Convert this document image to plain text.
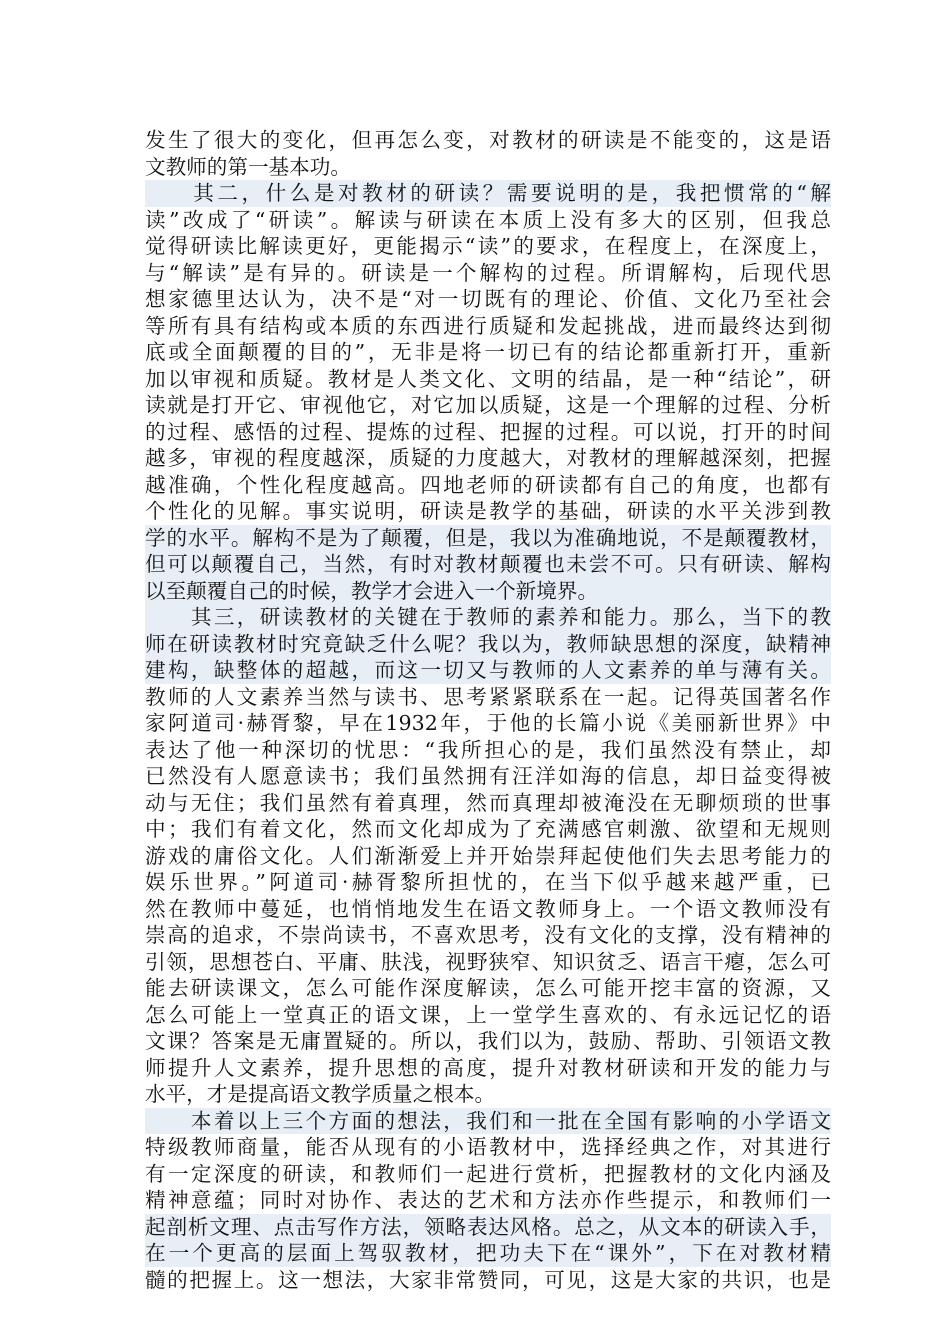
发生了很大的变化，但再怎么变，对教材的研读是不能变的，这是语
文教师的第一基本功。
　　其二，什么是对教材的研读？需要说明的是，我把惯常的“解
读”改成了“研读”。解读与研读在本质上没有多大的区别，但我总
觉得研读比解读更好，更能揭示“读”的要求，在程度上，在深度上，
与“解读”是有异的。研读是一个解构的过程。所谓解构，后现代思
想家德里达认为，决不是“对一切既有的理论、价值、文化乃至社会
等所有具有结构或本质的东西进行质疑和发起挑战，进而最终达到彻
底或全面颠覆的目的”，无非是将一切已有的结论都重新打开，重新
加以审视和质疑。教材是人类文化、文明的结晶，是一种“结论”，研
读就是打开它、审视他它，对它加以质疑，这是一个理解的过程、分析
的过程、感悟的过程、提炼的过程、把握的过程。可以说，打开的时间
越多，审视的程度越深，质疑的力度越大，对教材的理解越深刻，把握
越准确，个性化程度越高。四地老师的研读都有自己的角度，也都有
个性化的见解。事实说明，研读是教学的基础，研读的水平关涉到教
学的水平。解构不是为了颠覆，但是，我以为准确地说，不是颠覆教材，
但可以颠覆自己，当然，有时对教材颠覆也未尝不可。只有研读、解构
以至颠覆自己的时候，教学才会进入一个新境界。
　　其三，研读教材的关键在于教师的素养和能力。那么，当下的教
师在研读教材时究竟缺乏什么呢？我以为，教师缺思想的深度，缺精神
建构，缺整体的超越，而这一切又与教师的人文素养的单与薄有关。
教师的人文素养当然与读书、思考紧紧联系在一起。记得英国著名作
家阿道司·赫胥黎，早在1932年，于他的长篇小说《美丽新世界》中
表达了他一种深切的忧思：“我所担心的是，我们虽然没有禁止，却
已然没有人愿意读书；我们虽然拥有汪洋如海的信息，却日益变得被
动与无住；我们虽然有着真理，然而真理却被淹没在无聊烦琐的世事
中；我们有着文化，然而文化却成为了充满感官刺激、欲望和无规则
游戏的庸俗文化。人们渐渐爱上并开始崇拜起使他们失去思考能力的
娱乐世界。”阿道司·赫胥黎所担忧的，在当下似乎越来越严重，已
然在教师中蔓延，也悄悄地发生在语文教师身上。一个语文教师没有
崇高的追求，不崇尚读书，不喜欢思考，没有文化的支撑，没有精神的
引领，思想苍白、平庸、肤浅，视野狭窄、知识贫乏、语言干瘪，怎么可
能去研读课文，怎么可能作深度解读，怎么可能开挖丰富的资源，又
怎么可能上一堂真正的语文课，上一堂学生喜欢的、有永远记忆的语
文课？答案是无庸置疑的。所以，我们以为，鼓励、帮助、引领语文教
师提升人文素养，提升思想的高度，提升对教材研读和开发的能力与
水平，才是提高语文教学质量之根本。
　　本着以上三个方面的想法，我们和一批在全国有影响的小学语文
特级教师商量，能否从现有的小语教材中，选择经典之作，对其进行
有一定深度的研读，和教师们一起进行赏析，把握教材的文化内涵及
精神意蕴；同时对协作、表达的艺术和方法亦作些提示，和教师们一
起剖析文理、点击写作方法，领略表达风格。总之，从文本的研读入手，
在一个更高的层面上驾驭教材，把功夫下在“课外”，下在对教材精
髓的把握上。这一想法，大家非常赞同，可见，这是大家的共识，也是
